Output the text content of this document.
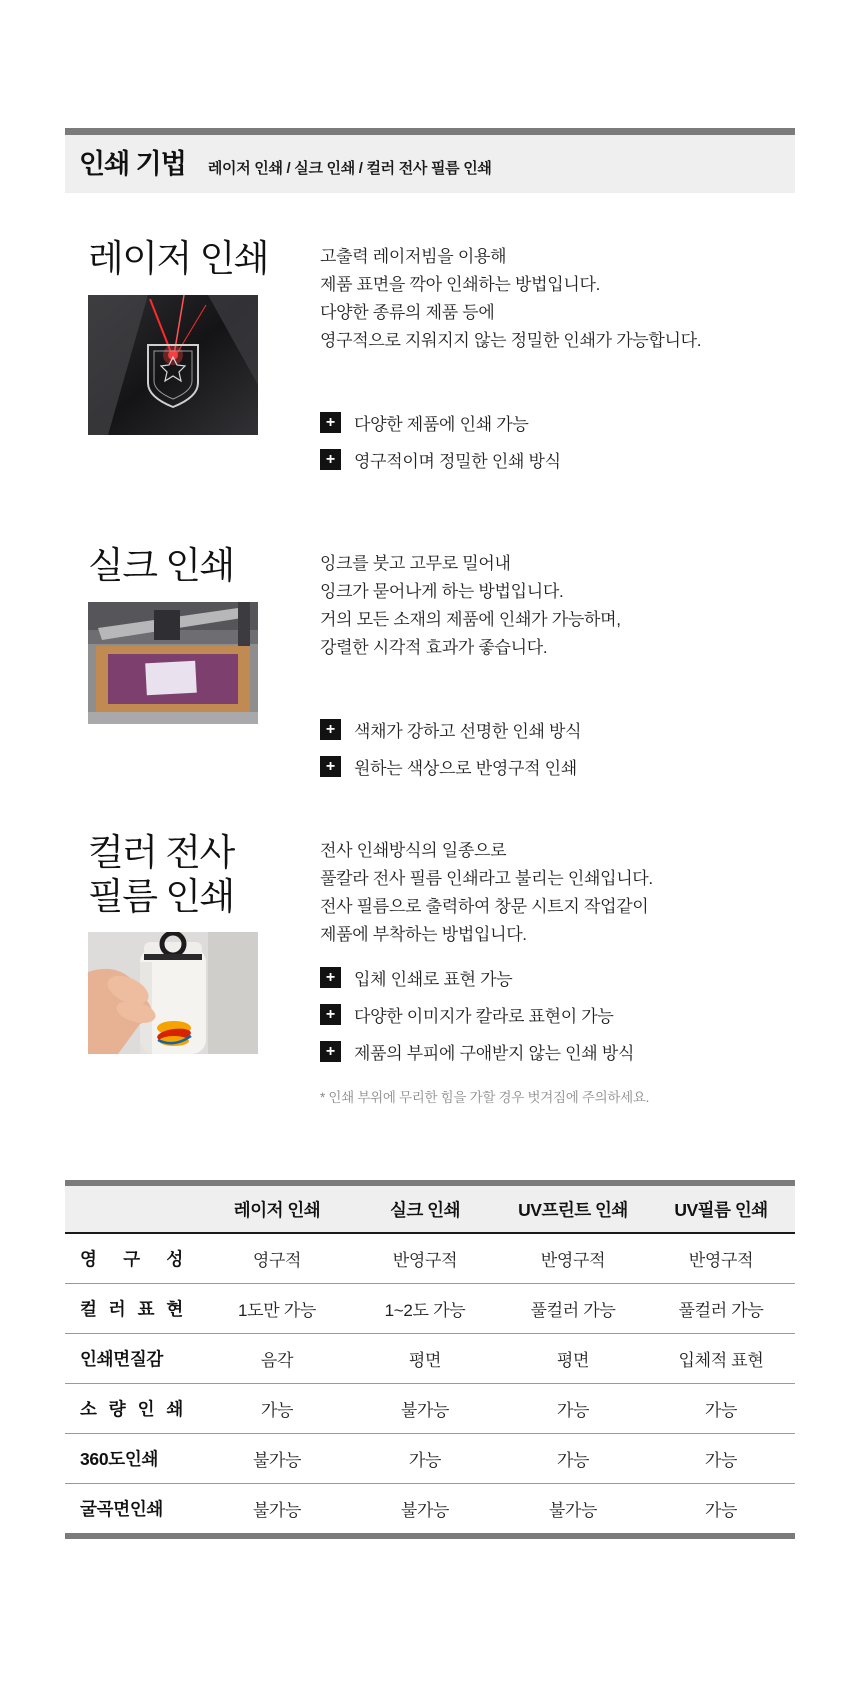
인쇄 기법 레이저 인쇄 / 실크 인쇄 / 컬러 전사 필름 인쇄
레이저 인쇄	고출력 레이저빔을 이용해

제품 표면을 깍아 인쇄하는 방법입니다.

다양한 종류의 제품 등에

영구적으로 지워지지 않는 정밀한 인쇄가 가능합니다.

+	다양한 제품에 인쇄 가능
+	영구적이며 정밀한 인쇄 방식
실크 인쇄	잉크를 붓고 고무로 밀어내

잉크가 묻어나게 하는 방법입니다.

거의 모든 소재의 제품에 인쇄가 가능하며,

강렬한 시각적 효과가 좋습니다.

+	색채가 강하고 선명한 인쇄 방식
+	원하는 색상으로 반영구적 인쇄
컬러 전사
필름 인쇄

전사 인쇄방식의 일종으로

풀칼라 전사 필름 인쇄라고 불리는 인쇄입니다.

전사 필름으로 출력하여 창문 시트지 작업같이

제품에 부착하는 방법입니다.

+	입체 인쇄로 표현 가능
+	다양한 이미지가 칼라로 표현이 가능
+	제품의 부피에 구애받지 않는 인쇄 방식
* 인쇄 부위에 무리한 힘을 가할 경우 벗겨짐에 주의하세요.
	레이저 인쇄	실크 인쇄	UV프린트 인쇄	UV필름 인쇄
영 구 성	영구적	반영구적	반영구적	반영구적
컬 러 표 현	1도만 가능	1~2도 가능	풀컬러 가능	풀컬러 가능
인쇄면질감	음각	평면	평면	입체적 표현
소 량 인 쇄	가능	불가능	가능	가능
360도인쇄	불가능	가능	가능	가능
굴곡면인쇄	불가능	불가능	불가능	가능
